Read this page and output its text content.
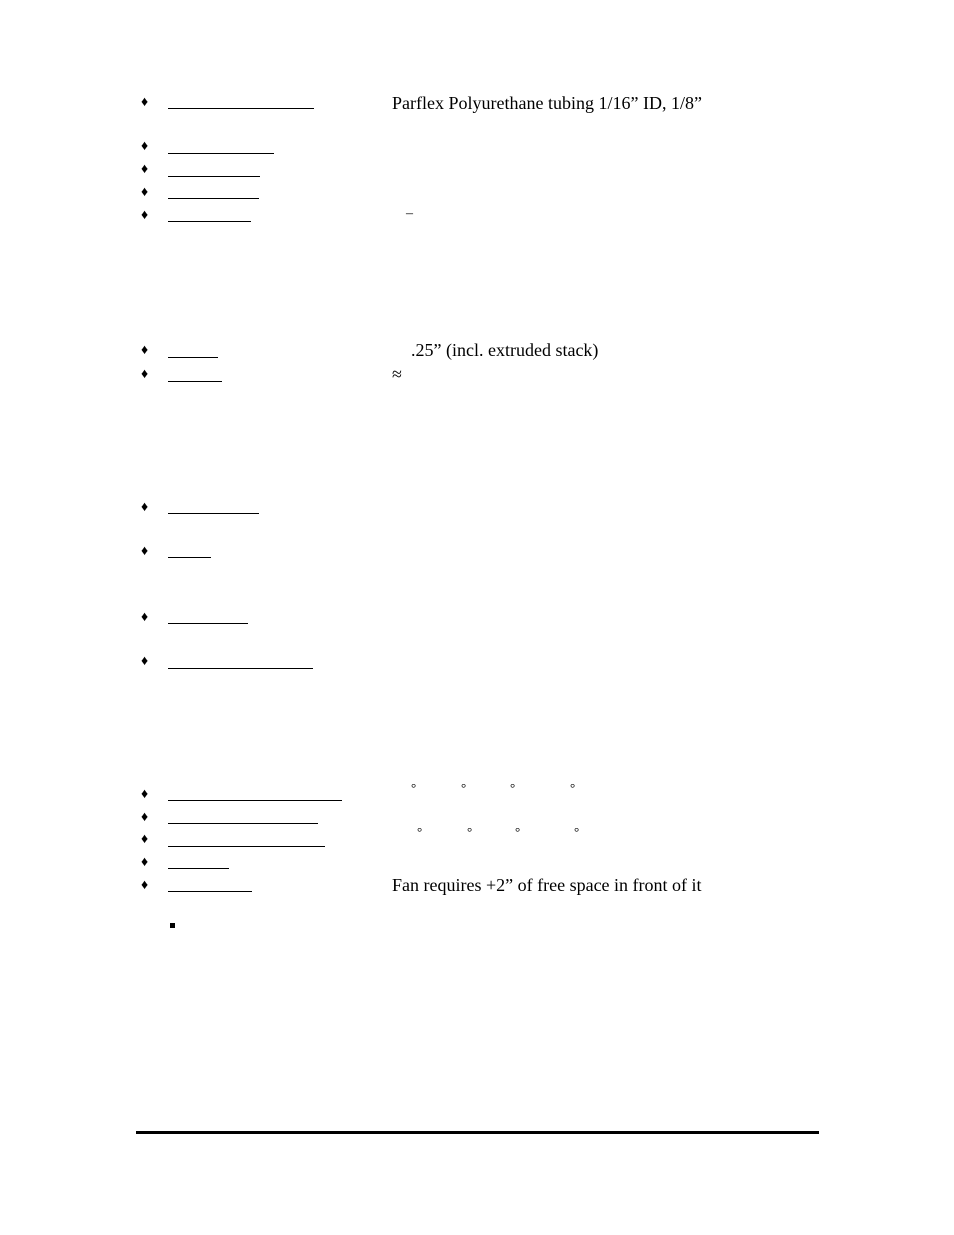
♦	Parflex Polyurethane tubing 1/16” ID, 1/8”
♦
♦
♦
♦	–
♦	.25” (incl. extruded stack)
♦	≈
♦
♦
♦
♦
♦	°	°	°	°
♦
♦
°	°	°	°
♦
♦	Fan requires +2” of free space in front of it
